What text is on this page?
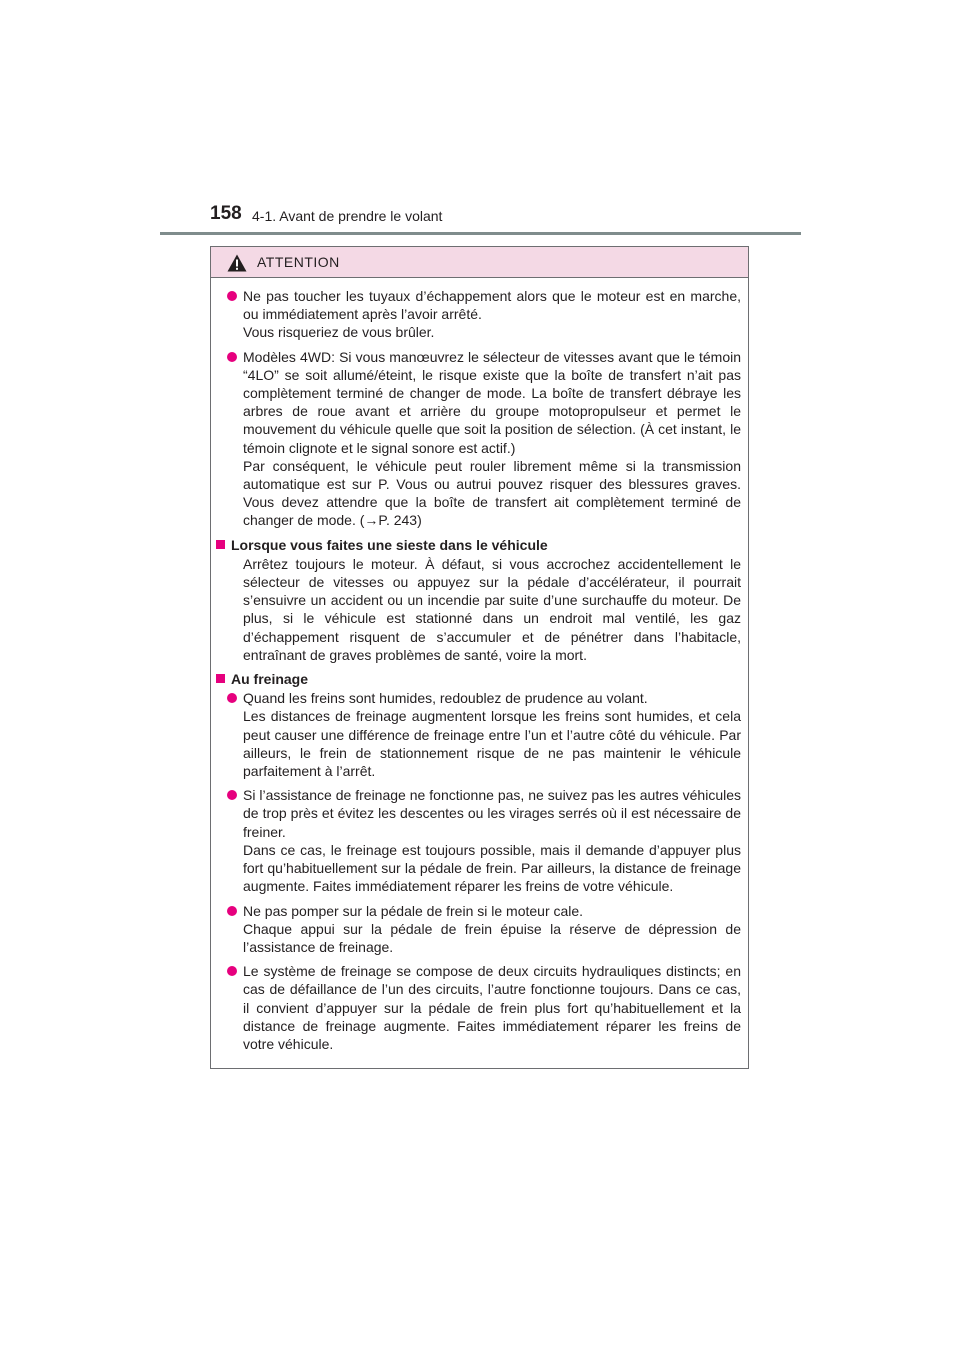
158 4-1. Avant de prendre le volant
ATTENTION
Ne pas toucher les tuyaux d’échappement alors que le moteur est en marche, ou immédiatement après l’avoir arrêté.
Vous risqueriez de vous brûler.
Modèles 4WD: Si vous manœuvrez le sélecteur de vitesses avant que le témoin “4LO” se soit allumé/éteint, le risque existe que la boîte de transfert n’ait pas complètement terminé de changer de mode. La boîte de transfert débraye les arbres de roue avant et arrière du groupe motopropulseur et permet le mouvement du véhicule quelle que soit la position de sélection. (À cet instant, le témoin clignote et le signal sonore est actif.)
Par conséquent, le véhicule peut rouler librement même si la transmission automatique est sur P. Vous ou autrui pouvez risquer des blessures graves. Vous devez attendre que la boîte de transfert ait complètement terminé de changer de mode. (→P. 243)
Lorsque vous faites une sieste dans le véhicule
Arrêtez toujours le moteur. À défaut, si vous accrochez accidentellement le sélecteur de vitesses ou appuyez sur la pédale d’accélérateur, il pourrait s’ensuivre un accident ou un incendie par suite d’une surchauffe du moteur. De plus, si le véhicule est stationné dans un endroit mal ventilé, les gaz d’échappement risquent de s’accumuler et de pénétrer dans l’habitacle, entraînant de graves problèmes de santé, voire la mort.
Au freinage
Quand les freins sont humides, redoublez de prudence au volant.
Les distances de freinage augmentent lorsque les freins sont humides, et cela peut causer une différence de freinage entre l’un et l’autre côté du véhicule. Par ailleurs, le frein de stationnement risque de ne pas maintenir le véhicule parfaitement à l’arrêt.
Si l’assistance de freinage ne fonctionne pas, ne suivez pas les autres véhicules de trop près et évitez les descentes ou les virages serrés où il est nécessaire de freiner.
Dans ce cas, le freinage est toujours possible, mais il demande d’appuyer plus fort qu’habituellement sur la pédale de frein. Par ailleurs, la distance de freinage augmente. Faites immédiatement réparer les freins de votre véhicule.
Ne pas pomper sur la pédale de frein si le moteur cale.
Chaque appui sur la pédale de frein épuise la réserve de dépression de l’assistance de freinage.
Le système de freinage se compose de deux circuits hydrauliques distincts; en cas de défaillance de l’un des circuits, l’autre fonctionne toujours. Dans ce cas, il convient d’appuyer sur la pédale de frein plus fort qu’habituellement et la distance de freinage augmente. Faites immédiatement réparer les freins de votre véhicule.
